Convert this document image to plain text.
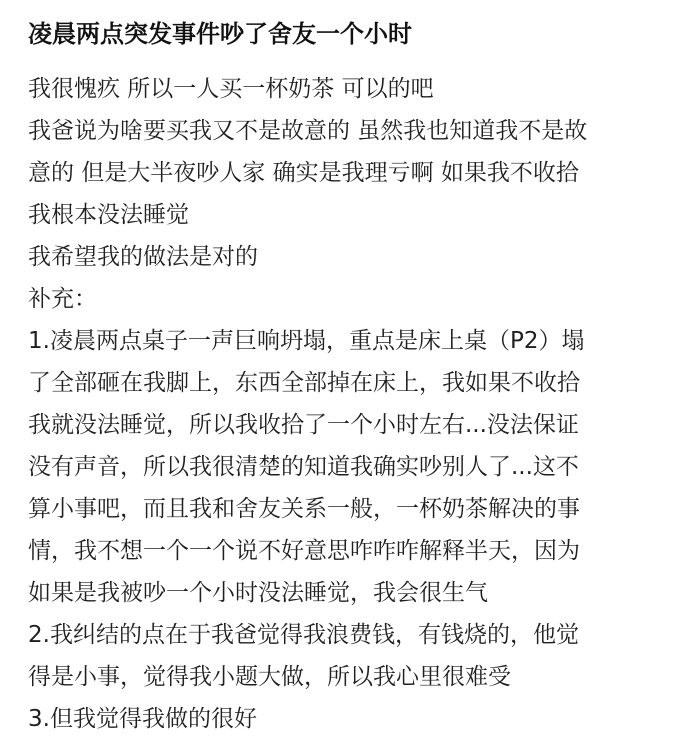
凌晨两点突发事件吵了舍友一个小时
我很愧疚 所以一人买一杯奶茶 可以的吧
我爸说为啥要买我又不是故意的 虽然我也知道我不是故
意的 但是大半夜吵人家 确实是我理亏啊 如果我不收拾
我根本没法睡觉
我希望我的做法是对的
补充：
1.凌晨两点桌子一声巨响坍塌，重点是床上桌（P2）塌
了全部砸在我脚上，东西全部掉在床上，我如果不收拾
我就没法睡觉，所以我收拾了一个小时左右...没法保证
没有声音，所以我很清楚的知道我确实吵别人了...这不
算小事吧，而且我和舍友关系一般，一杯奶茶解决的事
情，我不想一个一个说不好意思咋咋咋解释半天，因为
如果是我被吵一个小时没法睡觉，我会很生气
2.我纠结的点在于我爸觉得我浪费钱，有钱烧的，他觉
得是小事，觉得我小题大做，所以我心里很难受
3.但我觉得我做的很好
